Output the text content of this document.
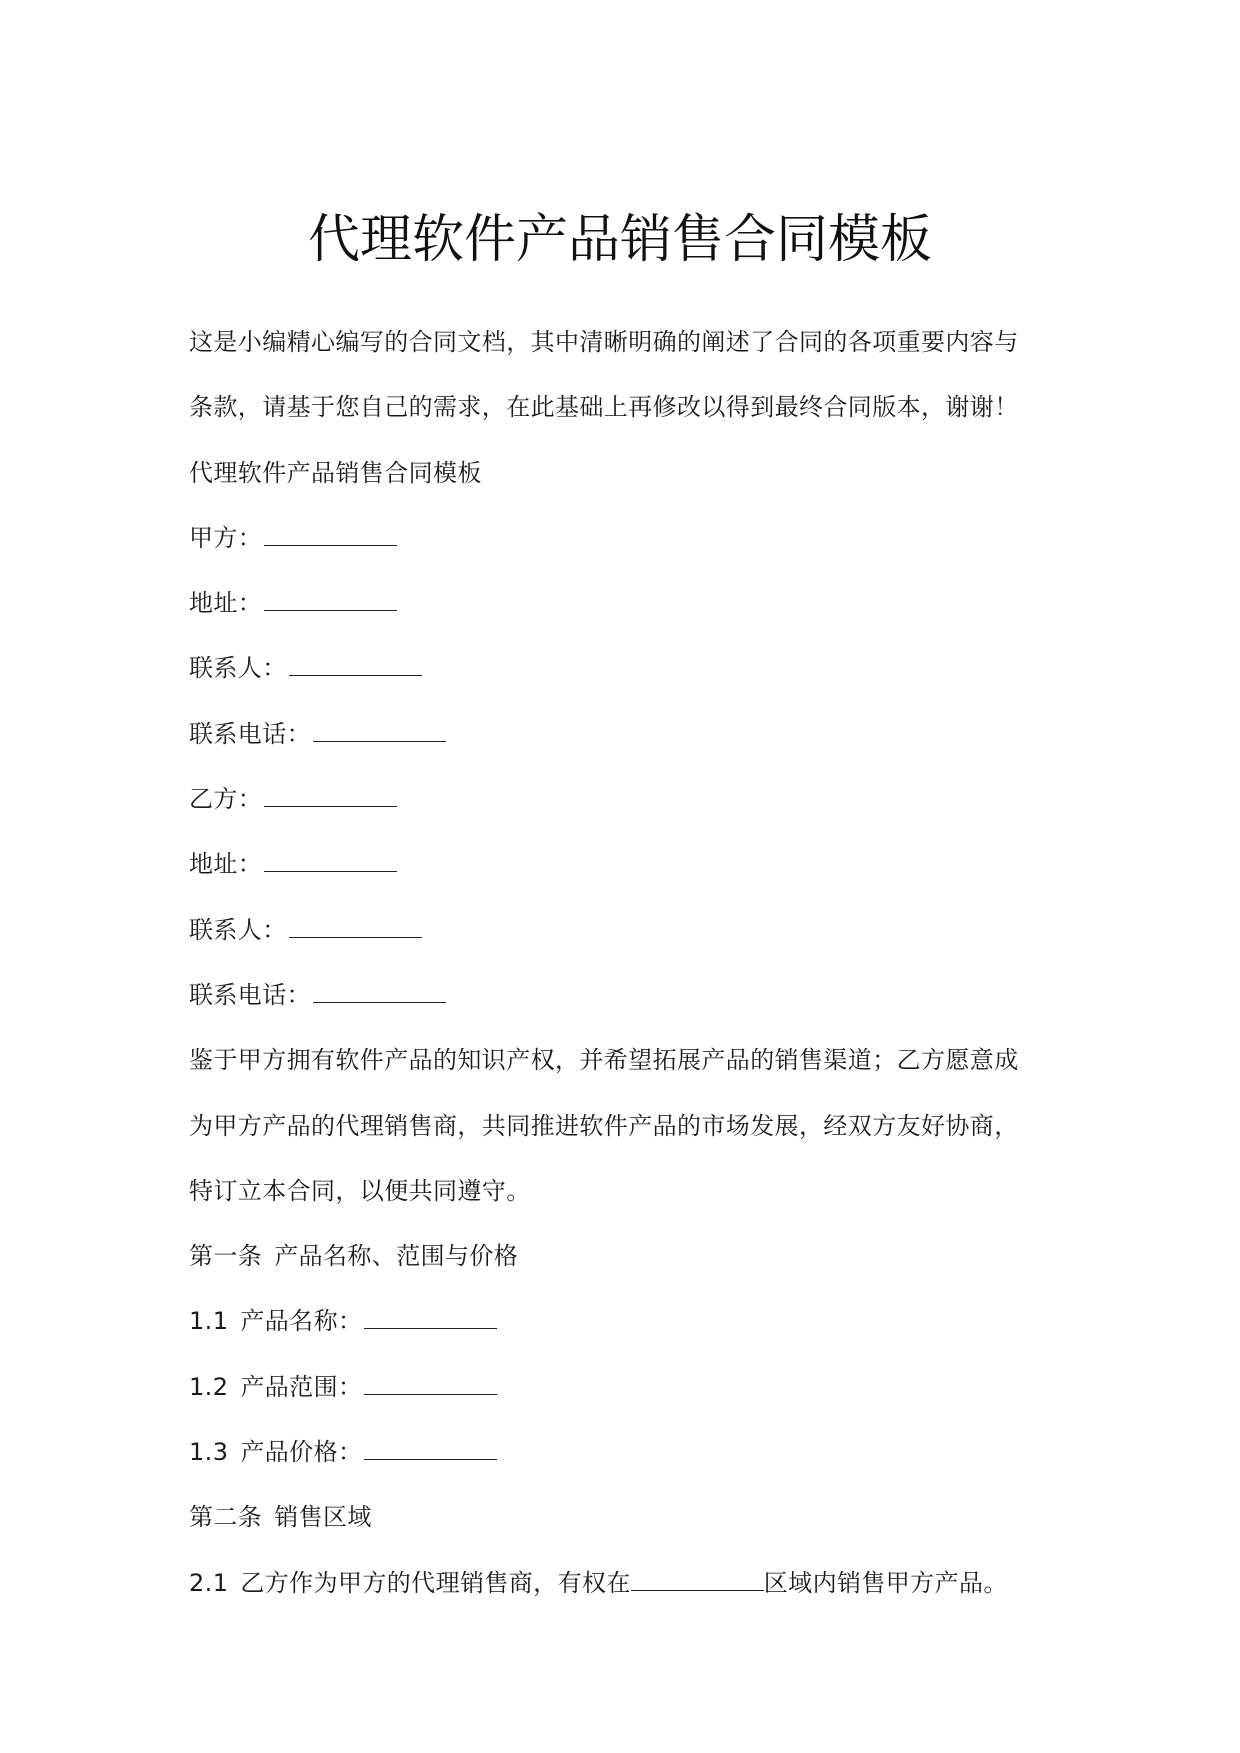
代理软件产品销售合同模板
这是小编精心编写的合同文档，其中清晰明确的阐述了合同的各项重要内容与
条款，请基于您自己的需求，在此基础上再修改以得到最终合同版本，谢谢！
代理软件产品销售合同模板
甲方：
地址：
联系人：
联系电话：
乙方：
地址：
联系人：
联系电话：
鉴于甲方拥有软件产品的知识产权，并希望拓展产品的销售渠道；乙方愿意成
为甲方产品的代理销售商，共同推进软件产品的市场发展，经双方友好协商，
特订立本合同，以便共同遵守。
第一条 产品名称、范围与价格
1.1 产品名称：
1.2 产品范围：
1.3 产品价格：
第二条 销售区域
2.1 乙方作为甲方的代理销售商，有权在	区域内销售甲方产品。
